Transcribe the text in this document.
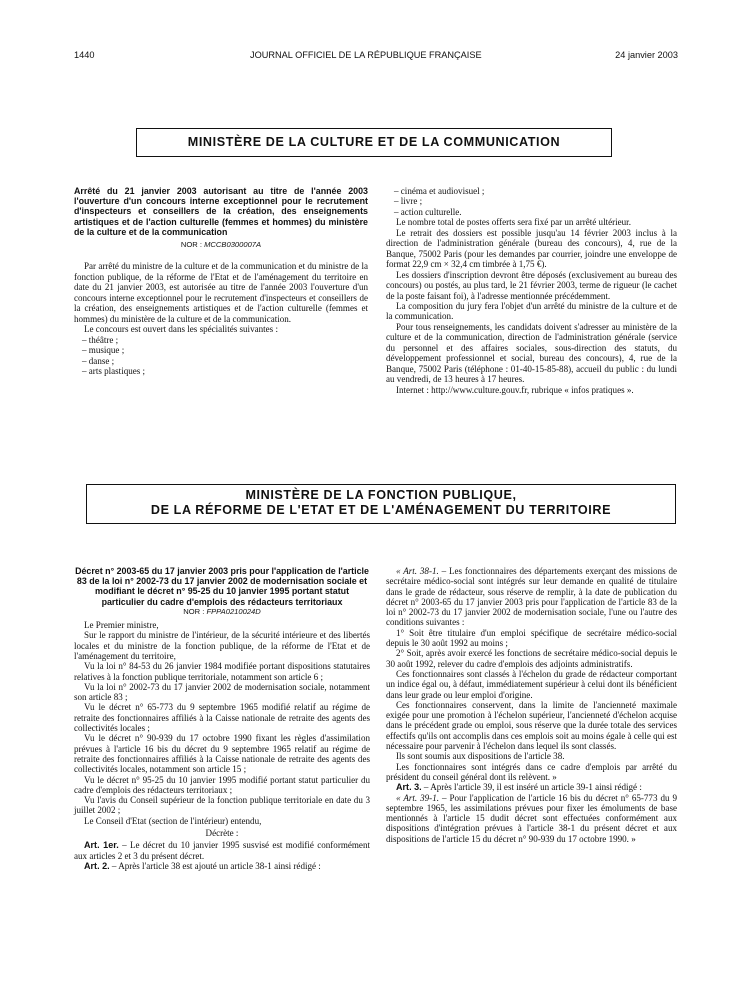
1440	JOURNAL OFFICIEL DE LA RÉPUBLIQUE FRANÇAISE	24 janvier 2003
MINISTÈRE DE LA CULTURE ET DE LA COMMUNICATION

Arrêté du 21 janvier 2003 autorisant au titre de l'année 2003 l'ouverture d'un concours interne exceptionnel pour le recrutement d'inspecteurs et conseillers de la création, des enseignements artistiques et de l'action culturelle (femmes et hommes) du ministère de la culture et de la communication

NOR : MCCB0300007A

Par arrêté du ministre de la culture et de la communication et du ministre de la fonction publique, de la réforme de l'Etat et de l'aménagement du territoire en date du 21 janvier 2003, est autorisée au titre de l'année 2003 l'ouverture d'un concours interne exceptionnel pour le recrutement d'inspecteurs et conseillers de la création, des enseignements artistiques et de l'action culturelle (femmes et hommes) du ministère de la culture et de la communication.

Le concours est ouvert dans les spécialités suivantes :

– théâtre ;

– musique ;

– danse ;

– arts plastiques ;

– cinéma et audiovisuel ;

– livre ;

– action culturelle.

Le nombre total de postes offerts sera fixé par un arrêté ultérieur.

Le retrait des dossiers est possible jusqu'au 14 février 2003 inclus à la direction de l'administration générale (bureau des concours), 4, rue de la Banque, 75002 Paris (pour les demandes par courrier, joindre une enveloppe de format 22,9 cm × 32,4 cm timbrée à 1,75 €).

Les dossiers d'inscription devront être déposés (exclusivement au bureau des concours) ou postés, au plus tard, le 21 février 2003, terme de rigueur (le cachet de la poste faisant foi), à l'adresse mentionnée précédemment.

La composition du jury fera l'objet d'un arrêté du ministre de la culture et de la communication.

Pour tous renseignements, les candidats doivent s'adresser au ministère de la culture et de la communication, direction de l'administration générale (service du personnel et des affaires sociales, sous-direction des statuts, du développement professionnel et social, bureau des concours), 4, rue de la Banque, 75002 Paris (téléphone : 01-40-15-85-88), accueil du public : du lundi au vendredi, de 13 heures à 17 heures.

Internet : http://www.culture.gouv.fr, rubrique « infos pratiques ».

MINISTÈRE DE LA FONCTION PUBLIQUE,
DE LA RÉFORME DE L'ETAT ET DE L'AMÉNAGEMENT DU TERRITOIRE

Décret n° 2003-65 du 17 janvier 2003 pris pour l'application de l'article 83 de la loi n° 2002-73 du 17 janvier 2002 de modernisation sociale et modifiant le décret n° 95-25 du 10 janvier 1995 portant statut particulier du cadre d'emplois des rédacteurs territoriaux

NOR : FPPA0210024D

Le Premier ministre,

Sur le rapport du ministre de l'intérieur, de la sécurité intérieure et des libertés locales et du ministre de la fonction publique, de la réforme de l'Etat et de l'aménagement du territoire,

Vu la loi n° 84-53 du 26 janvier 1984 modifiée portant dispositions statutaires relatives à la fonction publique territoriale, notamment son article 6 ;

Vu la loi n° 2002-73 du 17 janvier 2002 de modernisation sociale, notamment son article 83 ;

Vu le décret n° 65-773 du 9 septembre 1965 modifié relatif au régime de retraite des fonctionnaires affiliés à la Caisse nationale de retraite des agents des collectivités locales ;

Vu le décret n° 90-939 du 17 octobre 1990 fixant les règles d'assimilation prévues à l'article 16 bis du décret du 9 septembre 1965 relatif au régime de retraite des fonctionnaires affiliés à la Caisse nationale de retraite des agents des collectivités locales, notamment son article 15 ;

Vu le décret n° 95-25 du 10 janvier 1995 modifié portant statut particulier du cadre d'emplois des rédacteurs territoriaux ;

Vu l'avis du Conseil supérieur de la fonction publique territoriale en date du 3 juillet 2002 ;

Le Conseil d'Etat (section de l'intérieur) entendu,

Décrète :

Art. 1er. – Le décret du 10 janvier 1995 susvisé est modifié conformément aux articles 2 et 3 du présent décret.

Art. 2. – Après l'article 38 est ajouté un article 38-1 ainsi rédigé :

« Art. 38-1. – Les fonctionnaires des départements exerçant des missions de secrétaire médico-social sont intégrés sur leur demande en qualité de titulaire dans le grade de rédacteur, sous réserve de remplir, à la date de publication du décret n° 2003-65 du 17 janvier 2003 pris pour l'application de l'article 83 de la loi n° 2002-73 du 17 janvier 2002 de modernisation sociale, l'une ou l'autre des conditions suivantes :

1° Soit être titulaire d'un emploi spécifique de secrétaire médico-social depuis le 30 août 1992 au moins ;

2° Soit, après avoir exercé les fonctions de secrétaire médico-social depuis le 30 août 1992, relever du cadre d'emplois des adjoints administratifs.

Ces fonctionnaires sont classés à l'échelon du grade de rédacteur comportant un indice égal ou, à défaut, immédiatement supérieur à celui dont ils bénéficient dans leur grade ou leur emploi d'origine.

Ces fonctionnaires conservent, dans la limite de l'ancienneté maximale exigée pour une promotion à l'échelon supérieur, l'ancienneté d'échelon acquise dans le précédent grade ou emploi, sous réserve que la durée totale des services effectifs qu'ils ont accomplis dans ces emplois soit au moins égale à celle qui est nécessaire pour parvenir à l'échelon dans lequel ils sont classés.

Ils sont soumis aux dispositions de l'article 38.

Les fonctionnaires sont intégrés dans ce cadre d'emplois par arrêté du président du conseil général dont ils relèvent. »

Art. 3. – Après l'article 39, il est inséré un article 39-1 ainsi rédigé :

« Art. 39-1. – Pour l'application de l'article 16 bis du décret n° 65-773 du 9 septembre 1965, les assimilations prévues pour fixer les émoluments de base mentionnés à l'article 15 dudit décret sont effectuées conformément aux dispositions d'intégration prévues à l'article 38-1 du présent décret et aux dispositions de l'article 15 du décret n° 90-939 du 17 octobre 1990. »
